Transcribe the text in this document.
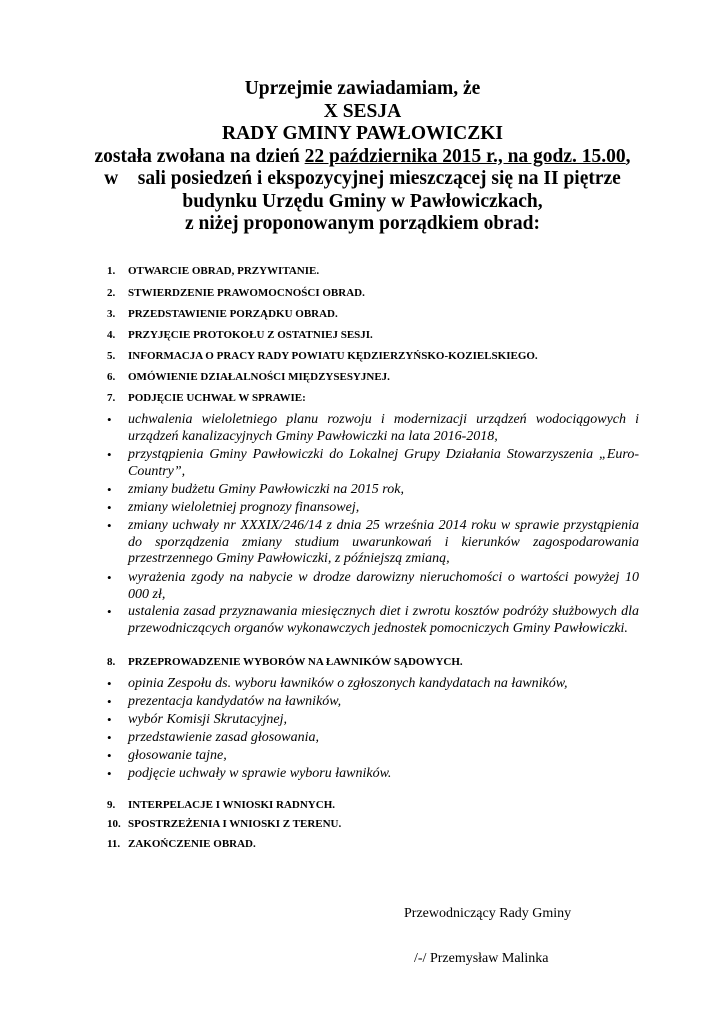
Uprzejmie zawiadamiam, że
X SESJA
RADY GMINY PAWŁOWICZKI
została zwołana na dzień 22 października 2015 r., na godz. 15.00,
w    sali posiedzeń i ekspozycyjnej mieszczącej się na II piętrze
budynku Urzędu Gminy w Pawłowiczkach,
z niżej proponowanym porządkiem obrad:
1. OTWARCIE OBRAD, PRZYWITANIE.
2. STWIERDZENIE PRAWOMOCNOŚCI OBRAD.
3. PRZEDSTAWIENIE PORZĄDKU OBRAD.
4. PRZYJĘCIE PROTOKOŁU Z OSTATNIEJ SESJI.
5. INFORMACJA O PRACY RADY POWIATU KĘDZIERZYŃSKO-KOZIELSKIEGO.
6. OMÓWIENIE DZIAŁALNOŚCI MIĘDZYSESYJNEJ.
7. PODJĘCIE UCHWAŁ W SPRAWIE:
• uchwalenia wieloletniego planu rozwoju i modernizacji urządzeń wodociągowych i urządzeń kanalizacyjnych Gminy Pawłowiczki na lata 2016-2018,
• przystąpienia Gminy Pawłowiczki do Lokalnej Grupy Działania Stowarzyszenia „Euro-Country”,
• zmiany budżetu Gminy Pawłowiczki na 2015 rok,
• zmiany wieloletniej prognozy finansowej,
• zmiany uchwały nr XXXIX/246/14 z dnia 25 września 2014 roku w sprawie przystąpienia do sporządzenia zmiany studium uwarunkowań i kierunków zagospodarowania przestrzennego Gminy Pawłowiczki, z późniejszą zmianą,
• wyrażenia zgody na nabycie w drodze darowizny nieruchomości o wartości powyżej 10 000 zł,
• ustalenia zasad przyznawania miesięcznych diet i zwrotu kosztów podróży służbowych dla przewodniczących organów wykonawczych jednostek pomocniczych Gminy Pawłowiczki.
8. PRZEPROWADZENIE WYBORÓW NA ŁAWNIKÓW SĄDOWYCH.
• opinia Zespołu ds. wyboru ławników o zgłoszonych kandydatach na ławników,
• prezentacja kandydatów na ławników,
• wybór Komisji Skrutacyjnej,
• przedstawienie zasad głosowania,
• głosowanie tajne,
• podjęcie uchwały w sprawie wyboru ławników.
9. INTERPELACJE I WNIOSKI RADNYCH.
10. SPOSTRZEŻENIA I WNIOSKI Z TERENU.
11. ZAKOŃCZENIE OBRAD.
Przewodniczący Rady Gminy
/-/ Przemysław Malinka
